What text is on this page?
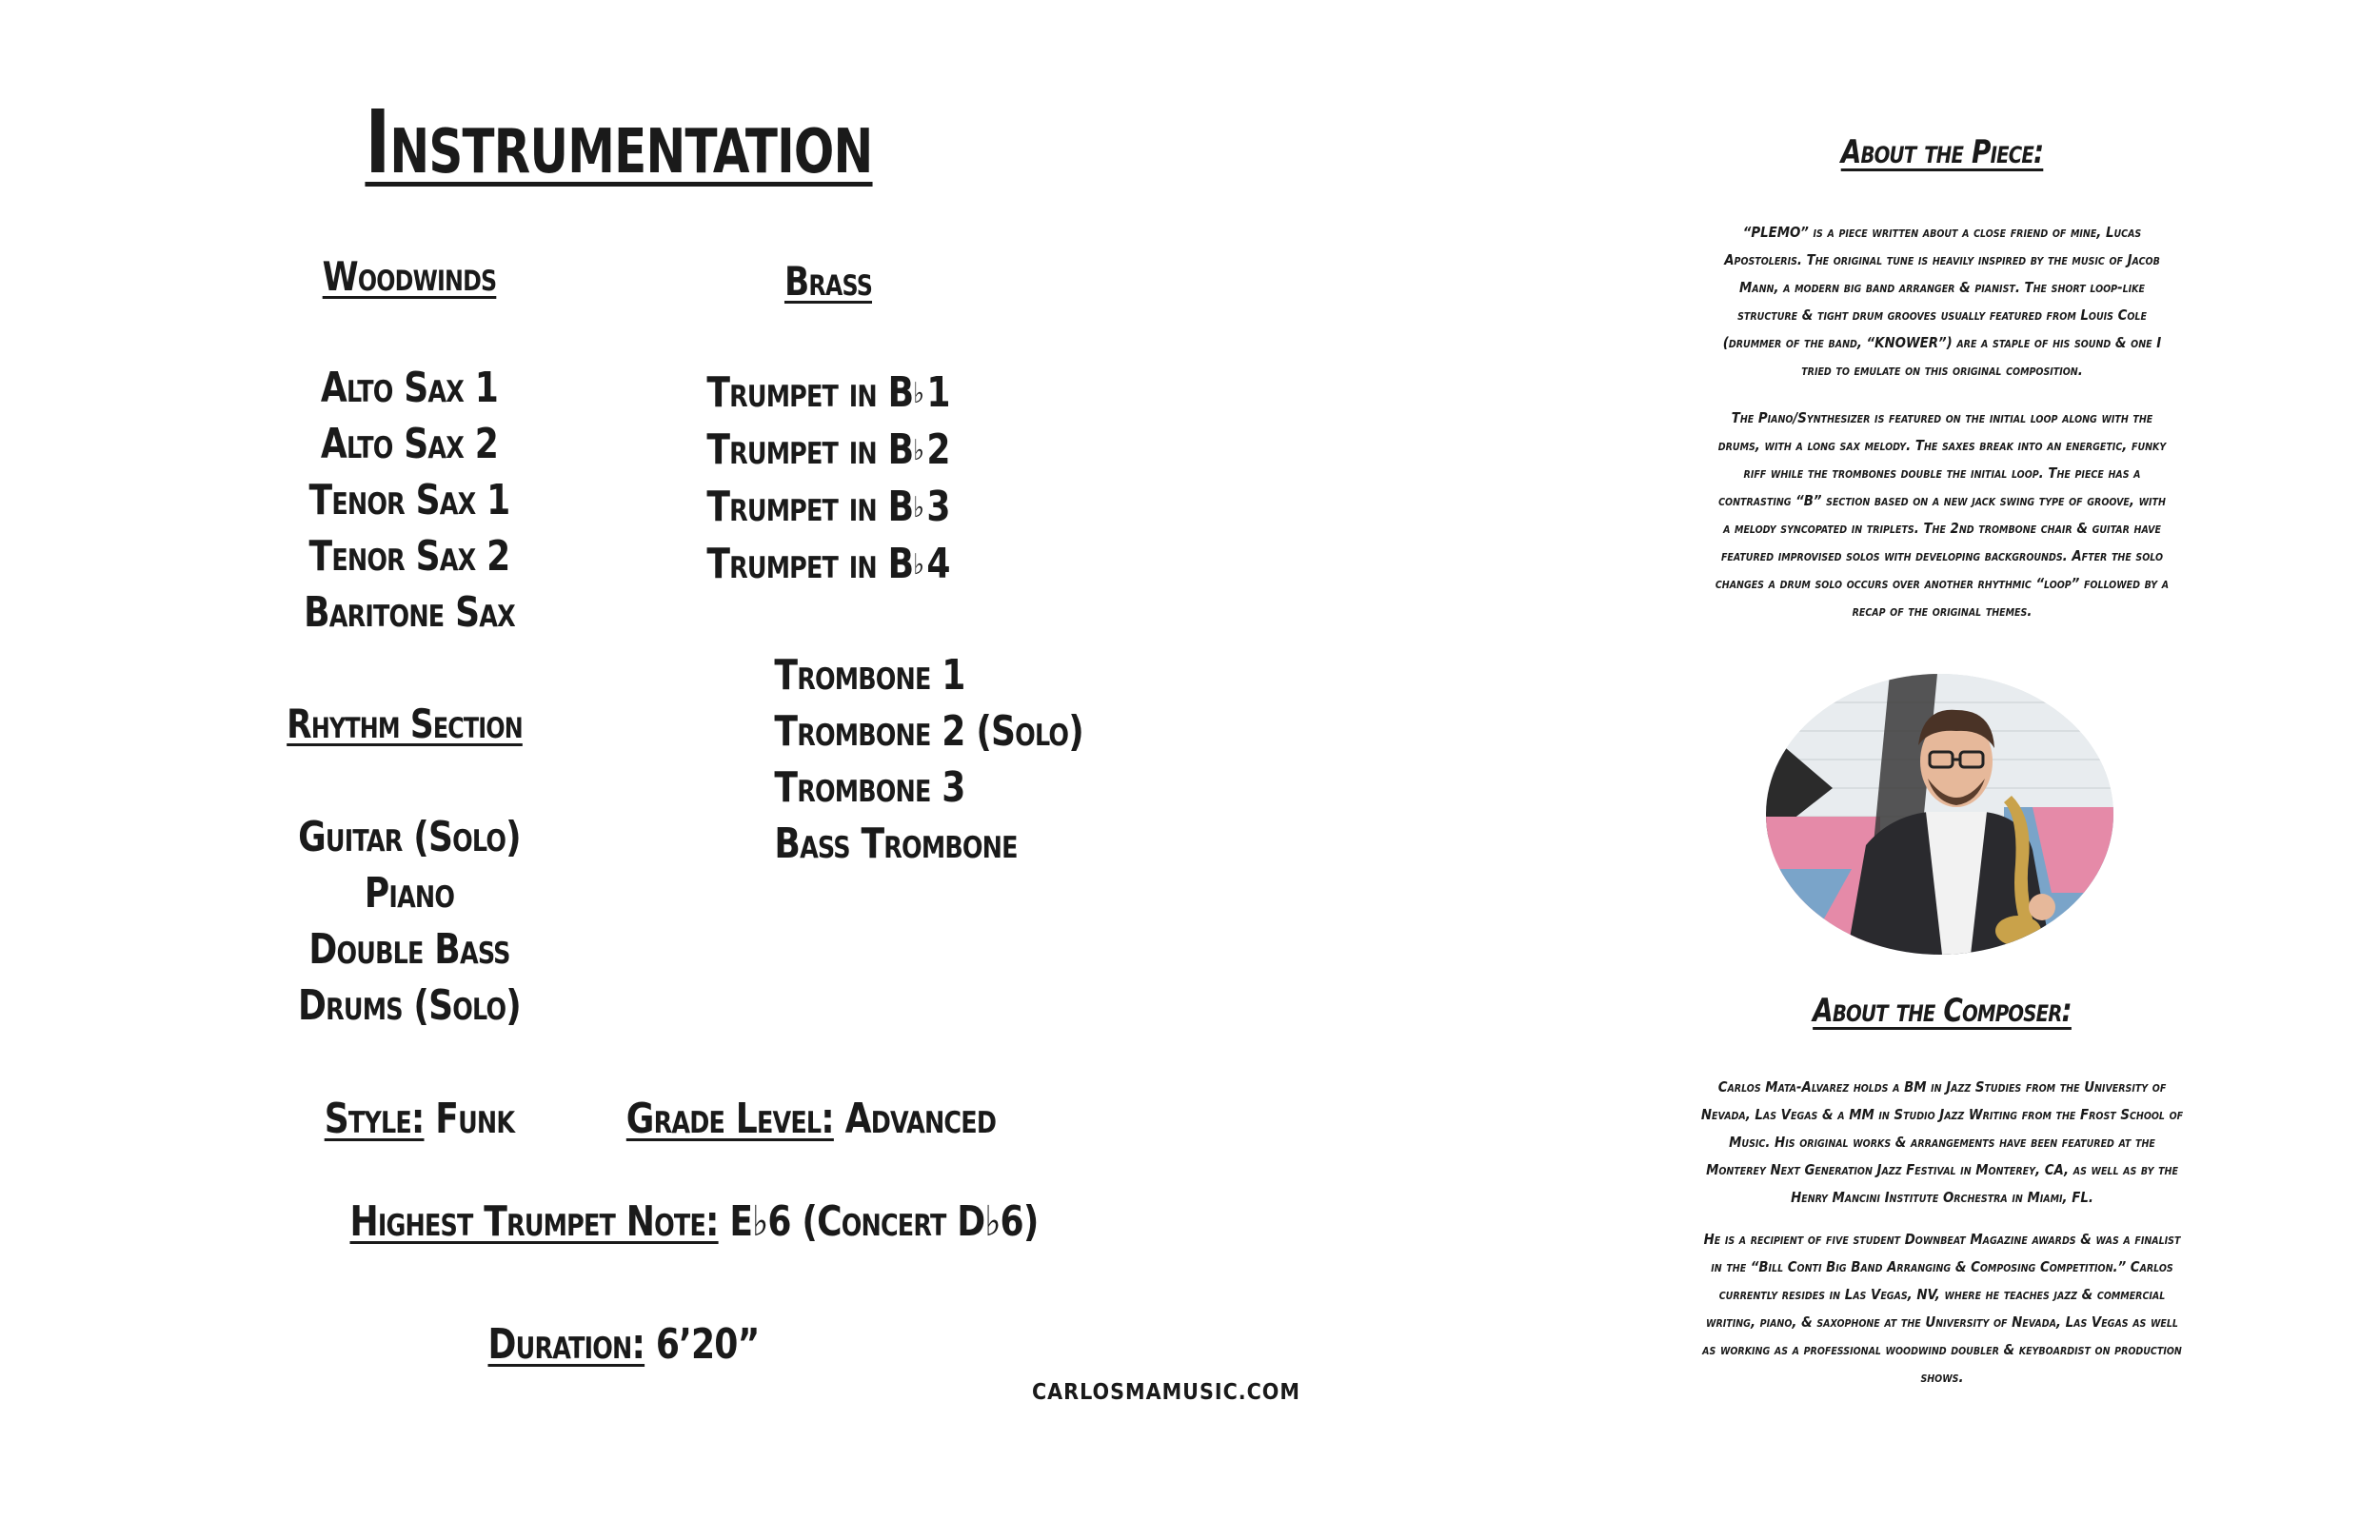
Instrumentation
Woodwinds
Alto Sax 1
Alto Sax 2
Tenor Sax 1
Tenor Sax 2
Baritone Sax
Rhythm Section
Guitar (Solo)
Piano
Double Bass
Drums (Solo)
Brass
Trumpet in B♭1
Trumpet in B♭2
Trumpet in B♭3
Trumpet in B♭4
Trombone 1
Trombone 2 (Solo)
Trombone 3
Bass Trombone
Style: Funk	Grade Level: Advanced
Highest Trumpet Note: E♭6 (Concert D♭6)
Duration: 6’20”
CARLOSMAMUSIC.COM
About the Piece:
“PLEMO” is a piece written about a close friend of mine, Lucas Apostoleris. The original tune is heavily inspired by the music of Jacob Mann, a modern big band arranger & pianist. The short loop-like structure & tight drum grooves usually featured from Louis Cole (drummer of the band, “KNOWER”) are a staple of his sound & one I tried to emulate on this original composition.
The Piano/Synthesizer is featured on the initial loop along with the drums, with a long sax melody. The saxes break into an energetic, funky riff while the trombones double the initial loop. The piece has a contrasting “B” section based on a new jack swing type of groove, with a melody syncopated in triplets. The 2nd trombone chair & guitar have featured improvised solos with developing backgrounds. After the solo changes a drum solo occurs over another rhythmic “loop” followed by a recap of the original themes.
About the Composer:
Carlos Mata-Alvarez holds a BM in Jazz Studies from the University of Nevada, Las Vegas & a MM in Studio Jazz Writing from the Frost School of Music. His original works & arrangements have been featured at the Monterey Next Generation Jazz Festival in Monterey, CA, as well as by the Henry Mancini Institute Orchestra in Miami, FL.
He is a recipient of five student Downbeat Magazine awards & was a finalist in the “Bill Conti Big Band Arranging & Composing Competition.” Carlos currently resides in Las Vegas, NV, where he teaches jazz & commercial writing, piano, & saxophone at the University of Nevada, Las Vegas as well as working as a professional woodwind doubler & keyboardist on production shows.
